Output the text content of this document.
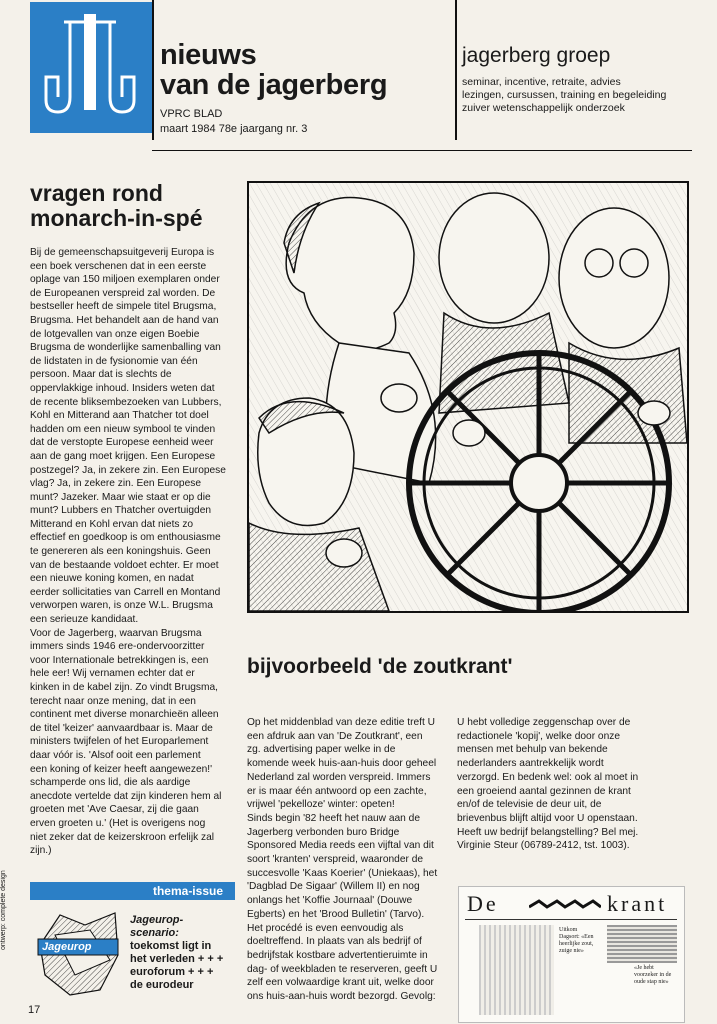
nieuws
van de jagerberg
VPRC BLAD
maart 1984 78e jaargang nr. 3
jagerberg groep
seminar, incentive, retraite, advies
lezingen, cursussen, training en begeleiding
zuiver wetenschappelijk onderzoek
vragen rond
monarch-in-spé
Bij de gemeenschapsuitgeverij Europa is
een boek verschenen dat in een eerste
oplage van 150 miljoen exemplaren onder
de Europeanen verspreid zal worden. De
bestseller heeft de simpele titel Brugsma,
Brugsma. Het behandelt aan de hand van
de lotgevallen van onze eigen Boebie
Brugsma de wonderlijke samenballing van
de lidstaten in de fysionomie van één
persoon. Maar dat is slechts de
oppervlakkige inhoud. Insiders weten dat
de recente bliksembezoeken van Lubbers,
Kohl en Mitterand aan Thatcher tot doel
hadden om een nieuw symbool te vinden
dat de verstopte Europese eenheid weer
aan de gang moet krijgen. Een Europese
postzegel? Ja, in zekere zin. Een Europese
vlag? Ja, in zekere zin. Een Europese
munt? Jazeker. Maar wie staat er op die
munt? Lubbers en Thatcher overtuigden
Mitterand en Kohl ervan dat niets zo
effectief en goedkoop is om enthousiasme
te genereren als een koningshuis. Geen
van de bestaande voldoet echter. Er moet
een nieuwe koning komen, en nadat
eerder sollicitaties van Carrell en Montand
verworpen waren, is onze W.L. Brugsma
een serieuze kandidaat.
Voor de Jagerberg, waarvan Brugsma
immers sinds 1946 ere-ondervoorzitter
voor Internationale betrekkingen is, een
hele eer! Wij vernamen echter dat er
kinken in de kabel zijn. Zo vindt Brugsma,
terecht naar onze mening, dat in een
continent met diverse monarchieën alleen
de titel 'keizer' aanvaardbaar is. Maar de
ministers twijfelen of het Europarlement
daar vóór is. 'Alsof ooit een parlement
een koning of keizer heeft aangewezen!'
schamperde ons lid, die als aardige
anecdote vertelde dat zijn kinderen hem al
groeten met 'Ave Caesar, zij die gaan
erven groeten u.' (Het is overigens nog
niet zeker dat de keizerskroon erfelijk zal
zijn.)
bijvoorbeeld 'de zoutkrant'
Op het middenblad van deze editie treft U
een afdruk aan van 'De Zoutkrant', een
zg. advertising paper welke in de
komende week huis-aan-huis door geheel
Nederland zal worden verspreid. Immers
er is maar één antwoord op een zachte,
vrijwel 'pekelloze' winter: opeten!
Sinds begin '82 heeft het nauw aan de
Jagerberg verbonden buro Bridge
Sponsored Media reeds een vijftal van dit
soort 'kranten' verspreid, waaronder de
succesvolle 'Kaas Koerier' (Uniekaas), het
'Dagblad De Sigaar' (Willem II) en nog
onlangs het 'Koffie Journaal' (Douwe
Egberts) en het 'Brood Bulletin' (Tarvo).
Het procédé is even eenvoudig als
doeltreffend. In plaats van als bedrijf of
bedrijfstak kostbare advertentieruimte in
dag- of weekbladen te reserveren, geeft U
zelf een volwaardige krant uit, welke door
ons huis-aan-huis wordt bezorgd. Gevolg:
U hebt volledige zeggenschap over de
redactionele 'kopij', welke door onze
mensen met behulp van bekende
nederlanders aantrekkelijk wordt
verzorgd. En bedenk wel: ook al moet in
een groeiend aantal gezinnen de krant
en/of de televisie de deur uit, de
brievenbus blijft altijd voor U openstaan.
Heeft uw bedrijf belangstelling? Bel mej.
Virginie Steur (06789-2412, tst. 1003).
thema-issue
Jageurop
Jageurop-
scenario:
toekomst ligt in
het verleden + + +
euroforum + + +
de eurodeur
ontwerp: complete design
17
De	krant
Uitkom Dagsort: «Een heerlijke zout, zuige nie»
«Je hebt voorzeker in de oude stap nie»
